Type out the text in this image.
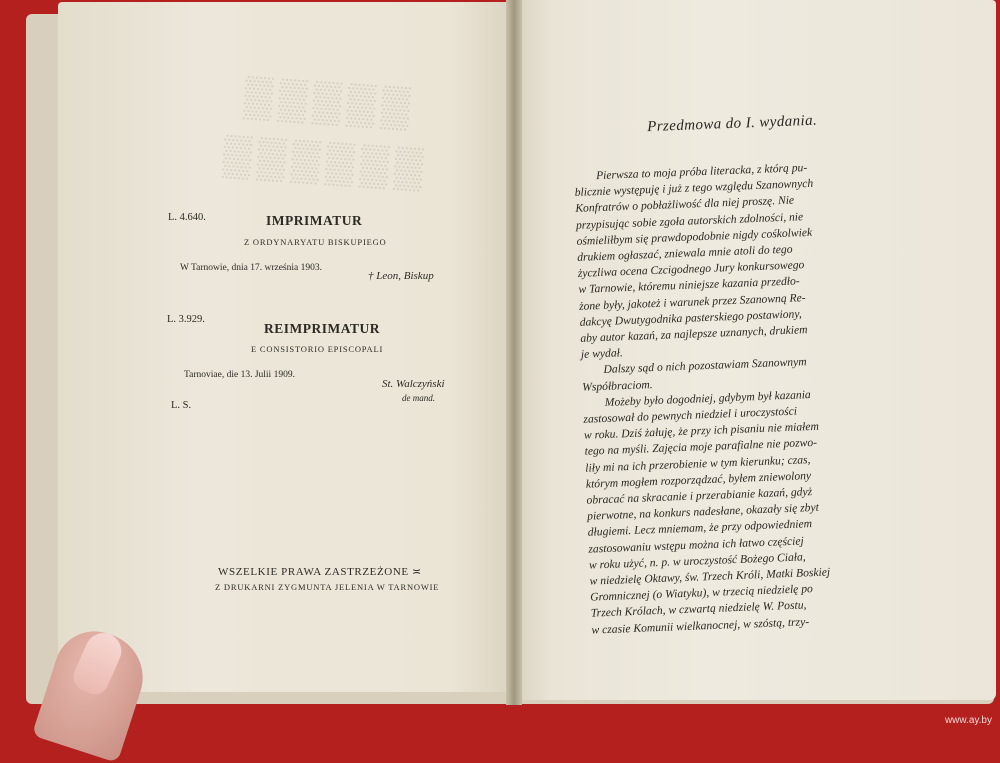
▒▒▒▒▒
▒▒▒▒▒▒
L. 4.640.	IMPRIMATUR
Z ORDYNARYATU BISKUPIEGO
W Tarnowie, dnia 17. września 1903.
† Leon, Biskup
L. 3.929.
REIMPRIMATUR
E CONSISTORIO EPISCOPALI
Tarnoviae, die 13. Julii 1909.
St. Walczyński
de mand.
L. S.
WSZELKIE PRAWA ZASTRZEŻONE ≍
Z DRUKARNI ZYGMUNTA JELENIA W TARNOWIE
Przedmowa do I. wydania.
Pierwsza to moja próba literacka, z którą pu-
blicznie występuję i już z tego względu Szanownych
Konfratrów o pobłażliwość dla niej proszę. Nie
przypisując sobie zgoła autorskich zdolności, nie
ośmieliłbym się prawdopodobnie nigdy cośkolwiek
drukiem ogłaszać, zniewala mnie atoli do tego
życzliwa ocena Czcigodnego Jury konkursowego
w Tarnowie, któremu niniejsze kazania przedło-
żone były, jakoteż i warunek przez Szanowną Re-
dakcyę Dwutygodnika pasterskiego postawiony,
aby autor kazań, za najlepsze uznanych, drukiem
je wydał.
Dalszy sąd o nich pozostawiam Szanownym
Współbraciom.
Możeby było dogodniej, gdybym był kazania
zastosował do pewnych niedziel i uroczystości
w roku. Dziś żałuję, że przy ich pisaniu nie miałem
tego na myśli. Zajęcia moje parafialne nie pozwo-
liły mi na ich przerobienie w tym kierunku; czas,
którym mogłem rozporządzać, byłem zniewolony
obracać na skracanie i przerabianie kazań, gdyż
pierwotne, na konkurs nadesłane, okazały się zbyt
długiemi. Lecz mniemam, że przy odpowiedniem
zastosowaniu wstępu można ich łatwo częściej
w roku użyć, n. p. w uroczystość Bożego Ciała,
w niedzielę Oktawy, św. Trzech Króli, Matki Boskiej
Gromnicznej (o Wiatyku), w trzecią niedzielę po
Trzech Królach, w czwartą niedzielę W. Postu,
w czasie Komunii wielkanocnej, w szóstą, trzy-
www.ay.by
